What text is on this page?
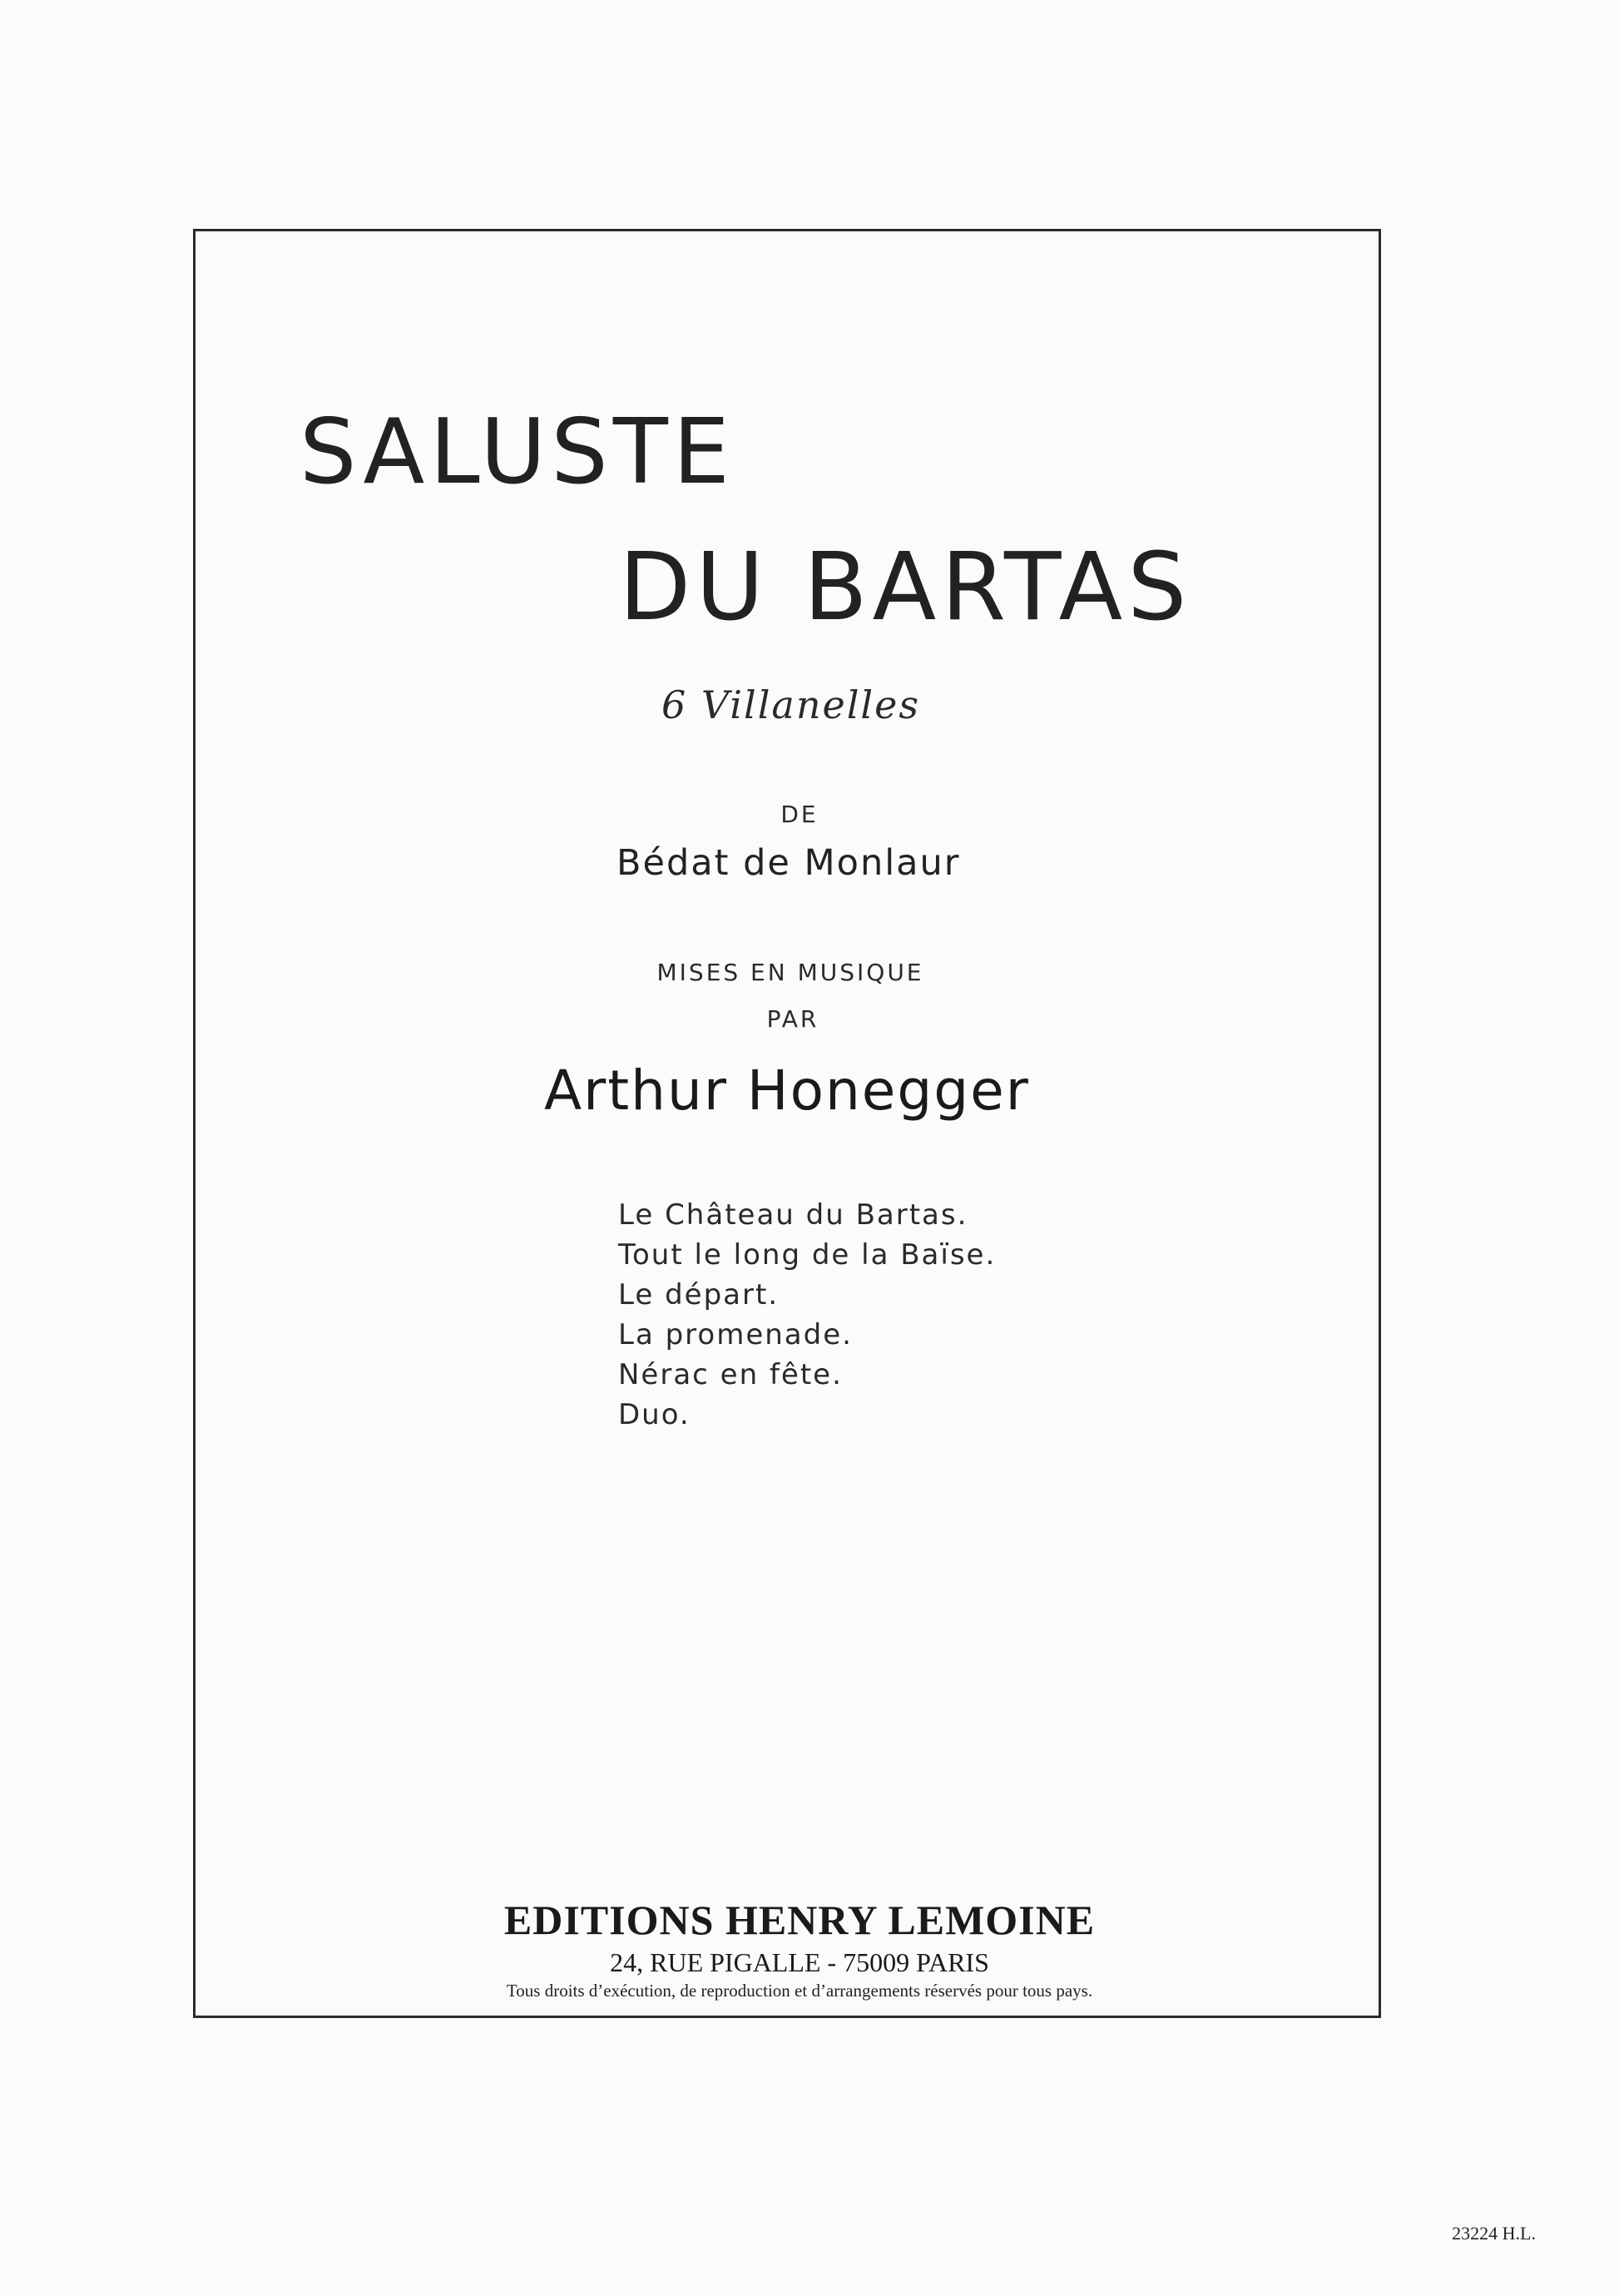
SALUSTE
DU BARTAS
6 Villanelles
DE
Bédat de Monlaur
MISES EN MUSIQUE
PAR
Arthur Honegger
Le Château du Bartas.
Tout le long de la Baïse.
Le départ.
La promenade.
Nérac en fête.
Duo.
EDITIONS HENRY LEMOINE
24, RUE PIGALLE - 75009 PARIS
Tous droits d’exécution, de reproduction et d’arrangements réservés pour tous pays.
23224 H.L.
